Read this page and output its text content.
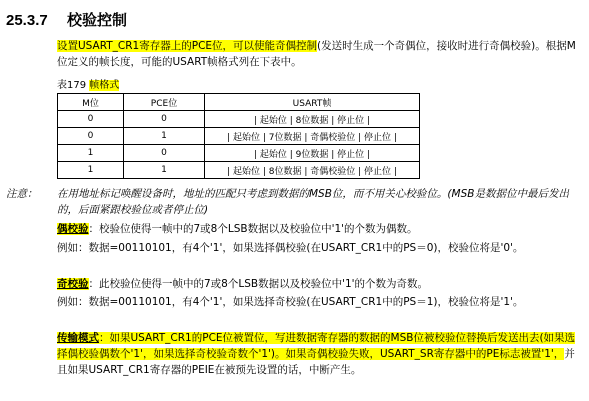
25.3.7 校验控制

设置USART_CR1寄存器上的PCE位，可以使能奇偶控制(发送时生成一个奇偶位，接收时进行奇偶校验)。根据M位定义的帧长度，可能的USART帧格式列在下表中。

表179 帧格式
M位	PCE位	USART帧
0	0	| 起始位 | 8位数据 | 停止位 |
0	1	| 起始位 | 7位数据 | 奇偶校验位 | 停止位 |
1	0	| 起始位 | 9位数据 | 停止位 |
1	1	| 起始位 | 8位数据 | 奇偶校验位 | 停止位 |
注意： 在用地址标记唤醒设备时，地址的匹配只考虑到数据的MSB位，而不用关心校验位。(MSB是数据位中最后发出的，后面紧跟校验位或者停止位)

偶校验：校验位使得一帧中的7或8个LSB数据以及校验位中'1'的个数为偶数。

例如：数据=00110101，有4个'1'，如果选择偶校验(在USART_CR1中的PS＝0)，校验位将是'0'。

奇校验：此校验位使得一帧中的7或8个LSB数据以及校验位中'1'的个数为奇数。

例如：数据=00110101，有4个'1'，如果选择奇校验(在USART_CR1中的PS＝1)，校验位将是'1'。

传输模式：如果USART_CR1的PCE位被置位，写进数据寄存器的数据的MSB位被校验位替换后发送出去(如果选择偶校验偶数个'1'，如果选择奇校验奇数个'1')。如果奇偶校验失败，USART_SR寄存器中的PE标志被置'1'，并且如果USART_CR1寄存器的PEIE在被预先设置的话，中断产生。
